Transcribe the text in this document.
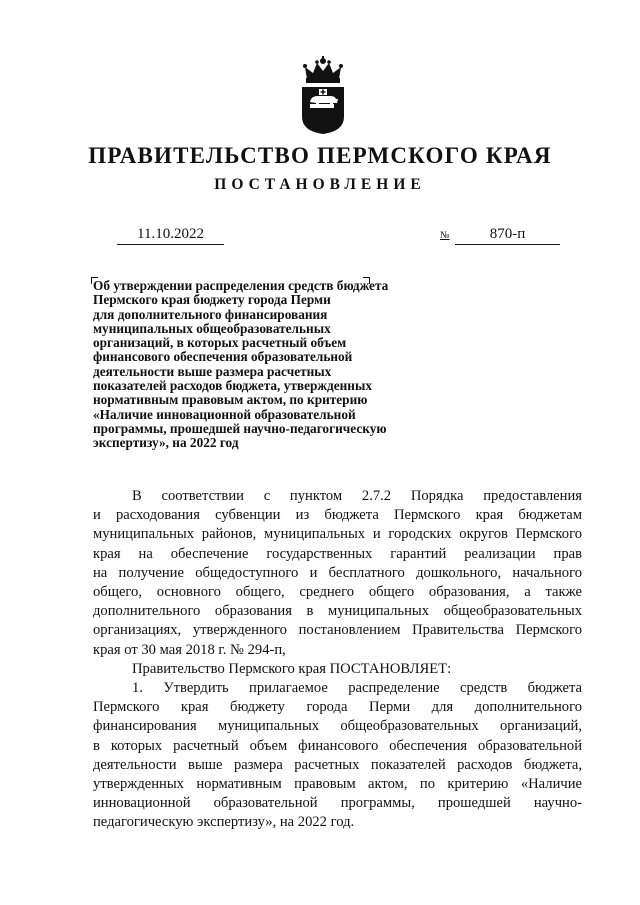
ПРАВИТЕЛЬСТВО ПЕРМСКОГО КРАЯ
ПОСТАНОВЛЕНИЕ
11.10.2022	№	870-п
Об утверждении распределения средств бюджета
Пермского края бюджету города Перми
для дополнительного финансирования
муниципальных общеобразовательных
организаций, в которых расчетный объем
финансового обеспечения образовательной
деятельности выше размера расчетных
показателей расходов бюджета, утвержденных
нормативным правовым актом, по критерию
«Наличие инновационной образовательной
программы, прошедшей научно-педагогическую
экспертизу», на 2022 год

В соответствии с пунктом 2.7.2 Порядка предоставления

и расходования субвенции из бюджета Пермского края бюджетам

муниципальных районов, муниципальных и городских округов Пермского

края на обеспечение государственных гарантий реализации прав

на получение общедоступного и бесплатного дошкольного, начального

общего, основного общего, среднего общего образования, а также

дополнительного образования в муниципальных общеобразовательных

организациях, утвержденного постановлением Правительства Пермского

края от 30 мая 2018 г. № 294-п,

Правительство Пермского края ПОСТАНОВЛЯЕТ:

1. Утвердить прилагаемое распределение средств бюджета

Пермского края бюджету города Перми для дополнительного

финансирования муниципальных общеобразовательных организаций,

в которых расчетный объем финансового обеспечения образовательной

деятельности выше размера расчетных показателей расходов бюджета,

утвержденных нормативным правовым актом, по критерию «Наличие

инновационной образовательной программы, прошедшей научно-

педагогическую экспертизу», на 2022 год.
